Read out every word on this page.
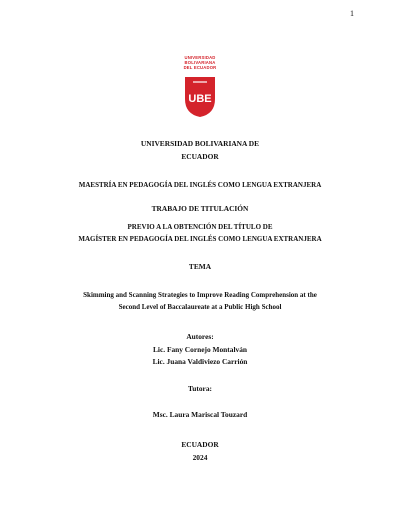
1
UNIVERSIDAD
BOLIVARIANA
DEL ECUADOR
UBE
UNIVERSIDAD BOLIVARIANA DE
ECUADOR
MAESTRÍA EN PEDAGOGÍA DEL INGLÉS COMO LENGUA EXTRANJERA
TRABAJO DE TITULACIÓN
PREVIO A LA OBTENCIÓN DEL TÍTULO DE
MAGÍSTER EN PEDAGOGÍA DEL INGLÉS COMO LENGUA EXTRANJERA
TEMA
Skimming and Scanning Strategies to Improve Reading Comprehension at the
Second Level of Baccalaureate at a Public High School
Autores:
Lic. Fany Cornejo Montalván
Lic. Juana Valdiviezo Carrión
Tutora:
Msc. Laura Mariscal Touzard
ECUADOR
2024
